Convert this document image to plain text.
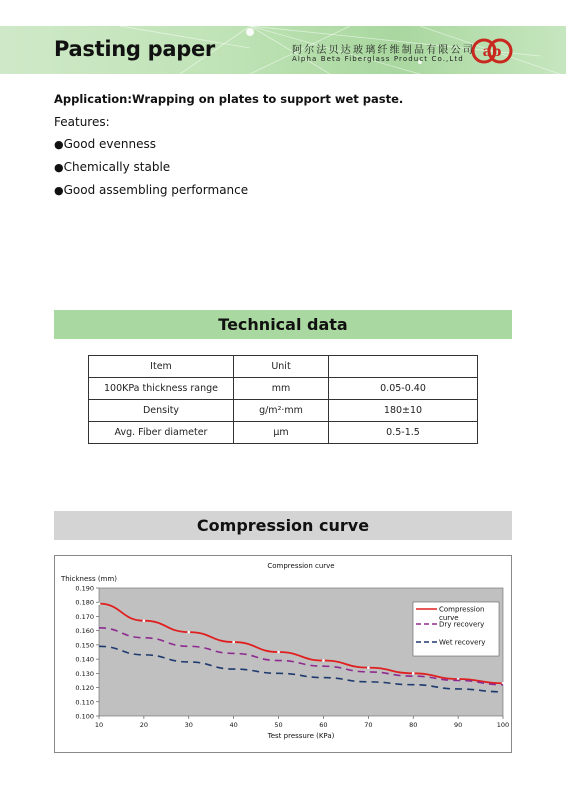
Pasting paper	阿尔法贝达玻璃纤维制品有限公司
Alpha Beta Fiberglass Product Co.,Ltd ab
Application:Wrapping on plates to support wet paste.
Features:
●Good evenness
●Chemically stable
●Good assembling performance
Technical data
Item	Unit	
100KPa thickness range	mm	0.05-0.40
Density	g/m²·mm	180±10
Avg. Fiber diameter	μm	0.5-1.5
Compression curve
Compression curve
Thickness (mm)
Test pressure (KPa)
0.100
0.110
0.120
0.130
0.140
0.150
0.160
0.170
0.180
0.190
10	20	30	40	50	60	70	80	90	100
Compression
curve
Dry recovery
Wet recovery
